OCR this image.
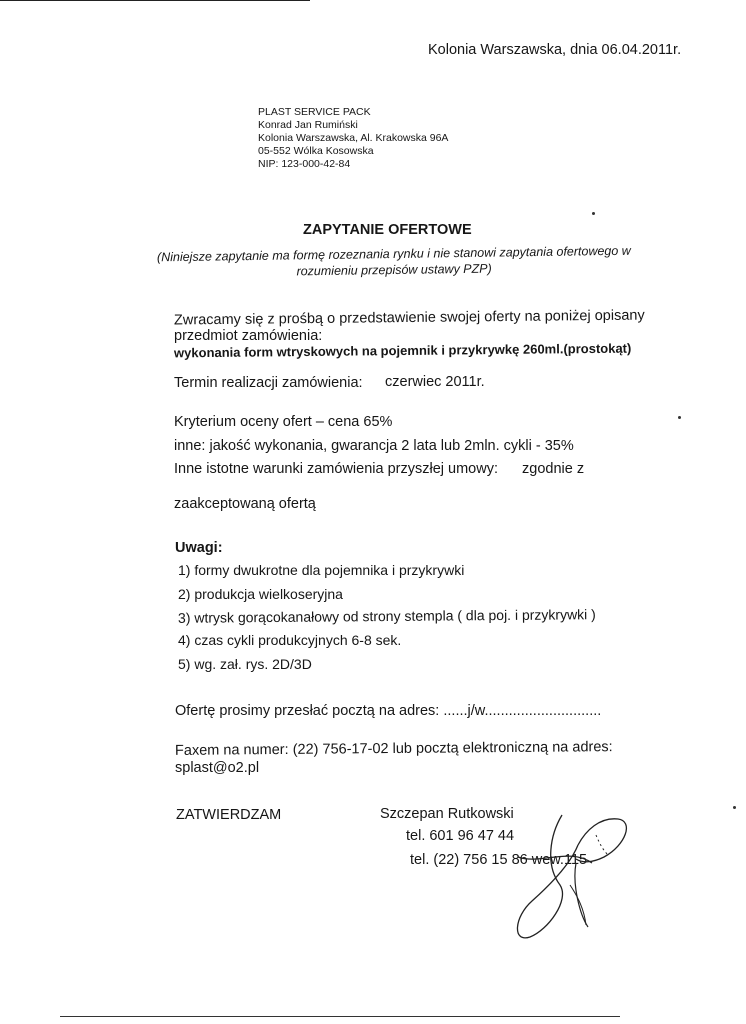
Kolonia Warszawska, dnia 06.04.2011r.
PLAST SERVICE PACK
Konrad Jan Rumiński
Kolonia Warszawska, Al. Krakowska 96A
05-552 Wólka Kosowska
NIP: 123-000-42-84
ZAPYTANIE OFERTOWE
(Niniejsze zapytanie ma formę rozeznania rynku i nie stanowi zapytania ofertowego w rozumieniu przepisów ustawy PZP)
Zwracamy się z prośbą o przedstawienie swojej oferty na poniżej opisany
przedmiot zamówienia:
wykonania form wtryskowych na pojemnik i przykrywkę 260ml.(prostokąt)
Termin realizacji zamówienia: czerwiec 2011r.
Kryterium oceny ofert – cena 65%
inne: jakość wykonania, gwarancja 2 lata lub 2mln. cykli - 35%
Inne istotne warunki zamówienia przyszłej umowy: zgodnie z
zaakceptowaną ofertą
Uwagi:
1) formy dwukrotne dla pojemnika i przykrywki
2) produkcja wielkoseryjna
3) wtrysk gorącokanałowy od strony stempla ( dla poj. i przykrywki )
4) czas cykli produkcyjnych 6-8 sek.
5) wg. zał. rys. 2D/3D
Ofertę prosimy przesłać pocztą na adres: ......j/w.............................
Faxem na numer: (22) 756-17-02 lub pocztą elektroniczną na adres:
splast@o2.pl
ZATWIERDZAM	Szczepan Rutkowski
tel. 601 96 47 44
tel. (22) 756 15 86 wew.115
